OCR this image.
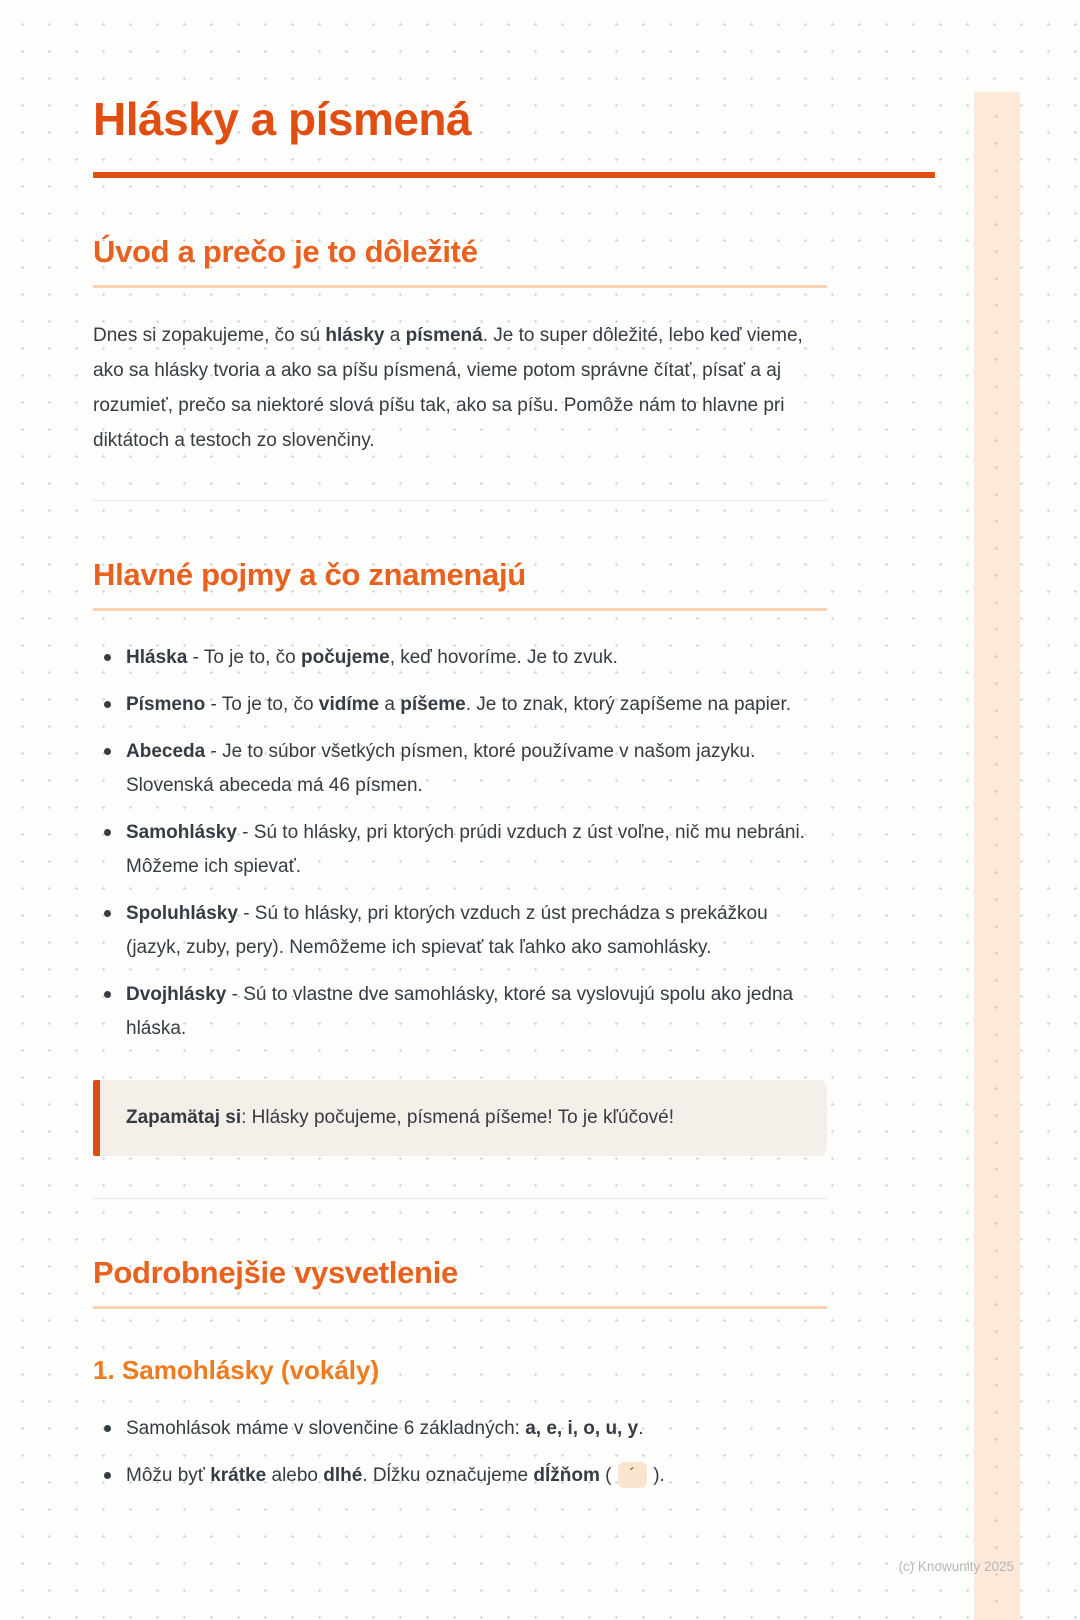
Hlásky a písmená
Úvod a prečo je to dôležité

Dnes si zopakujeme, čo sú hlásky a písmená. Je to super dôležité, lebo keď vieme, ako sa hlásky tvoria a ako sa píšu písmená, vieme potom správne čítať, písať a aj rozumieť, prečo sa niektoré slová píšu tak, ako sa píšu. Pomôže nám to hlavne pri diktátoch a testoch zo slovenčiny.

Hlavné pojmy a čo znamenajú
Hláska - To je to, čo počujeme, keď hovoríme. Je to zvuk.
Písmeno - To je to, čo vidíme a píšeme. Je to znak, ktorý zapíšeme na papier.
Abeceda - Je to súbor všetkých písmen, ktoré používame v našom jazyku. Slovenská abeceda má 46 písmen.
Samohlásky - Sú to hlásky, pri ktorých prúdi vzduch z úst voľne, nič mu nebráni. Môžeme ich spievať.
Spoluhlásky - Sú to hlásky, pri ktorých vzduch z úst prechádza s prekážkou (jazyk, zuby, pery). Nemôžeme ich spievať tak ľahko ako samohlásky.
Dvojhlásky - Sú to vlastne dve samohlásky, ktoré sa vyslovujú spolu ako jedna hláska.

Zapamätaj si: Hlásky počujeme, písmená píšeme! To je kľúčové!

Podrobnejšie vysvetlenie
1. Samohlásky (vokály)
Samohlások máme v slovenčine 6 základných: a, e, i, o, u, y.
Môžu byť krátke alebo dlhé. Dĺžku označujeme dĺžňom ( ´ ).
(c) Knowunity 2025
